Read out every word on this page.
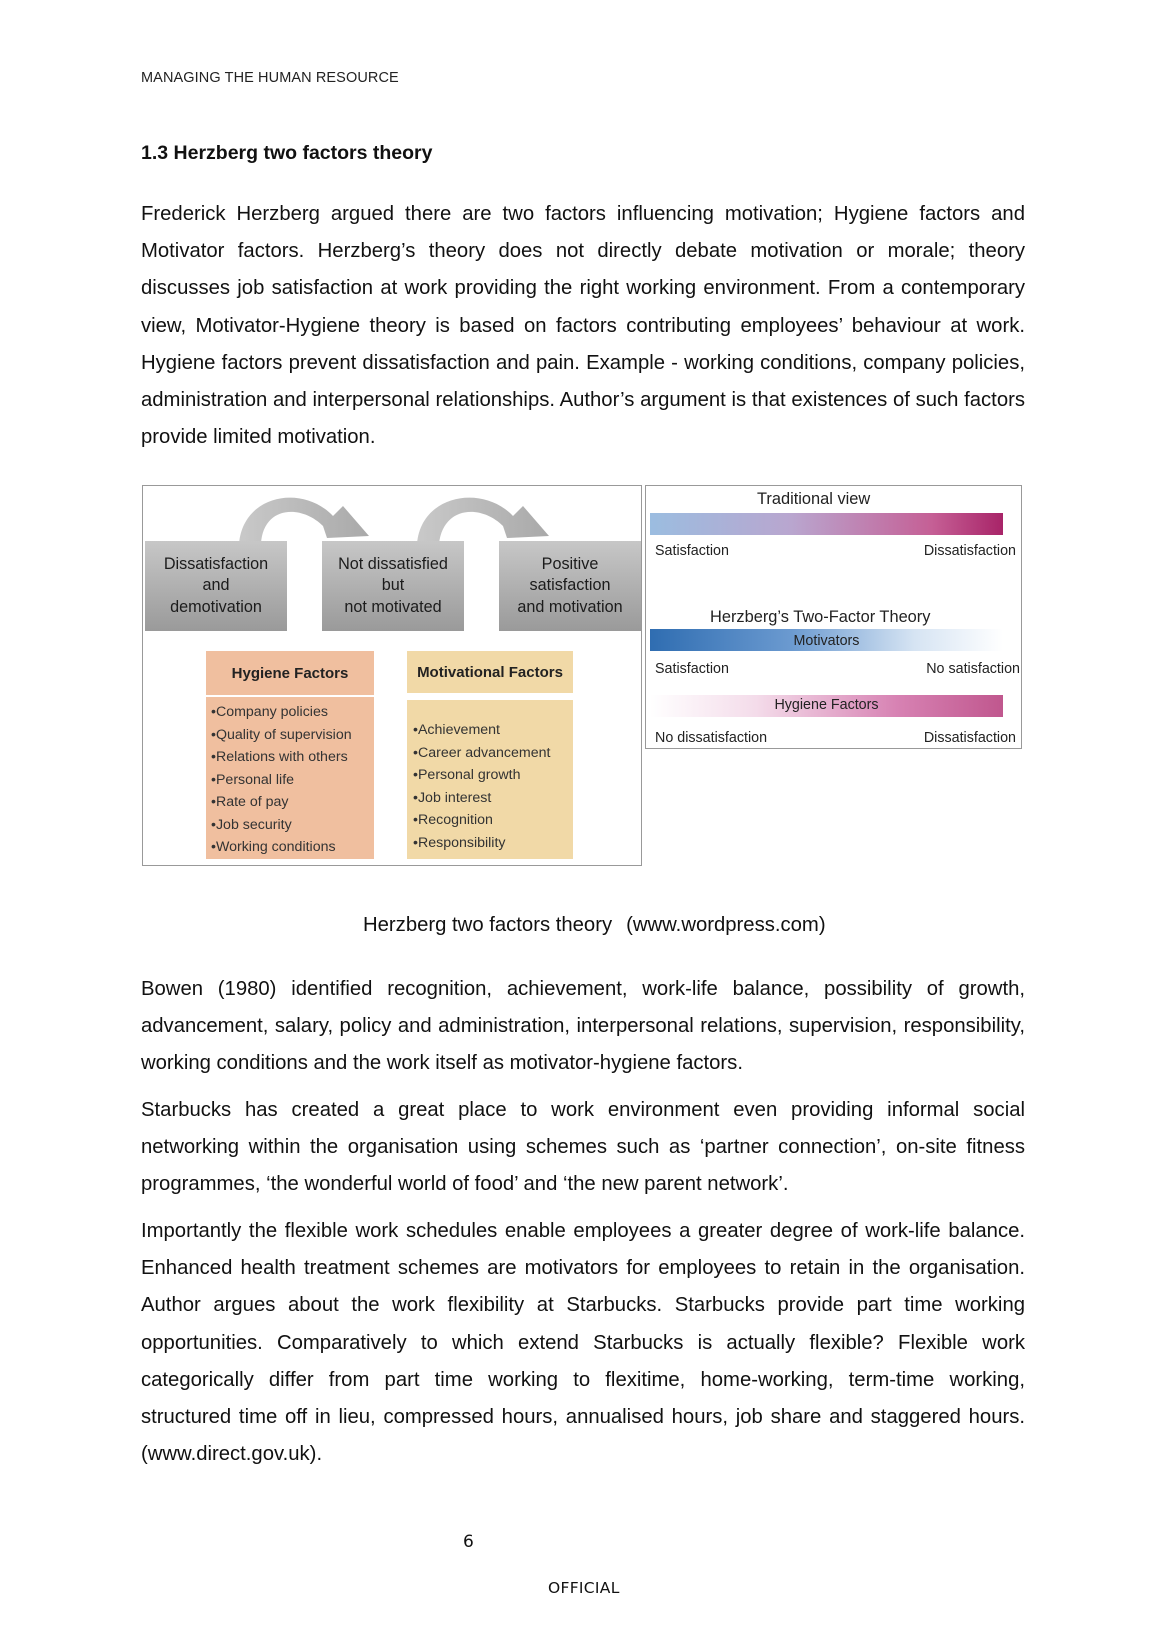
MANAGING THE HUMAN RESOURCE
1.3 Herzberg two factors theory

Frederick Herzberg argued there are two factors influencing motivation; Hygiene factors and Motivator factors. Herzberg’s theory does not directly debate motivation or morale; theory discusses job satisfaction at work providing the right working environment. From a contemporary view, Motivator-Hygiene theory is based on factors contributing employees’ behaviour at work. Hygiene factors prevent dissatisfaction and pain. Example - working conditions, company policies, administration and interpersonal relationships. Author’s argument is that existences of such factors provide limited motivation.

Dissatisfaction
and
demotivation
Not dissatisfied
but
not motivated
Positive
satisfaction
and motivation
Hygiene Factors	Motivational Factors
•Company policies
•Quality of supervision
•Relations with others
•Personal life
•Rate of pay
•Job security
•Working conditions
•Achievement
•Career advancement
•Personal growth
•Job interest
•Recognition
•Responsibility
Traditional view
Satisfaction	Dissatisfaction
Herzberg’s Two-Factor Theory
Motivators
Satisfaction	No satisfaction
Hygiene Factors
No dissatisfaction	Dissatisfaction
Herzberg two factors theory (www.wordpress.com)

Bowen (1980) identified recognition, achievement, work-life balance, possibility of growth, advancement, salary, policy and administration, interpersonal relations, supervision, responsibility, working conditions and the work itself as motivator-hygiene factors.

Starbucks has created a great place to work environment even providing informal social networking within the organisation using schemes such as ‘partner connection’, on-site fitness programmes, ‘the wonderful world of food’ and ‘the new parent network’.

Importantly the flexible work schedules enable employees a greater degree of work-life balance. Enhanced health treatment schemes are motivators for employees to retain in the organisation. Author argues about the work flexibility at Starbucks. Starbucks provide part time working opportunities. Comparatively to which extend Starbucks is actually flexible? Flexible work categorically differ from part time working to flexitime, home-working, term-time working, structured time off in lieu, compressed hours, annualised hours, job share and staggered hours.(www.direct.gov.uk).

6
OFFICIAL
